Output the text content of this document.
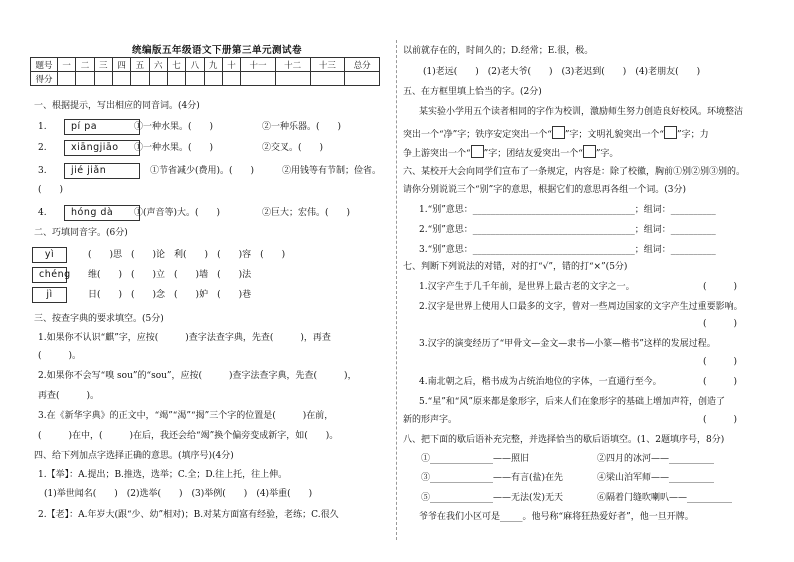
统编版五年级语文下册第三单元测试卷
题号	一	二	三	四	五	六	七	八	九	十	十一	十二	十三	总分
得分														
一、根据提示，写出相应的同音词。(4分)
1.	pí pa	①一种水果。(　　)	②一种乐器。(　　)
2.	xiāngjiāo	①一种水果。(　　)	②交叉。(　　)
3.	jié jiǎn	①节省减少(费用)。(　　)	②用钱等有节制；俭省。
(　　)
4.	hóng dà	①(声音等)大。(　　)	②巨大；宏伟。(　　)
二、巧填同音字。(6分)
yì	(　　)思　(　　)论　利(　　)　(　　)容　(　　)
chéng 维(　　)　(　　)立　(　　)墙　(　　)法
jì	日(　　)　(　　)念　(　　)妒　(　　)巷
三、按查字典的要求填空。(5分)
1.如果你不认识“麒”字，应按(　　　)查字法查字典，先查(　　　)，再查
(　　　)。
2.如果你不会写“嗅 sou”的“sou”，应按(　　　)查字法查字典，先查(　　　)，
再查(　　　)。
3.在《新华字典》的正文中，“竭”“渴”“揭”三个字的位置是(　　　)在前，
(　　　)在中，(　　　)在后，我还会给“竭”换个偏旁变成新字，如(　　)。
四、给下列加点字选择正确的意思。(填序号)(4分)
1.【举】：A.提出；B.推选，选举；C.全；D.往上托，往上伸。
(1)举世闻名(　　)　(2)选举(　　)　(3)举例(　　)　(4)举重(　　)
2.【老】：A.年岁大(跟“少、幼”相对)；B.对某方面富有经验，老练；C.很久
以前就存在的，时间久的；D.经常；E.很，极。
(1)老远(　　)　(2)老大爷(　　)　(3)老迟到(　　)　(4)老朋友(　　)
五、在方框里填上恰当的字。(2分)
某实验小学用五个读者相同的字作为校训，激励师生努力创造良好校风。环境整洁
突出一个“净”字；铁序安定突出一个“ ”字；文明礼貌突出一个“ ”字；力
争上游突出一个“ ”字；团结友爱突出一个“ ”字。
六、某校开大会向同学们宣布了一条规定，内容是：除了校徽，胸前①别②别③别的。
请你分别说说三个“别”字的意思，根据它们的意思再各组一个词。(3分)
1.“别”意思：____________________________________；组词：__________
2.“别”意思：____________________________________；组词：__________
3.“别”意思：____________________________________；组词：__________
七、判断下列说法的对错，对的打“√”，错的打“×”(5分)
1.汉字产生于几千年前，是世界上最古老的文字之一。	(　　　)
2.汉字是世界上使用人口最多的文字，曾对一些周边国家的文字产生过重要影响。
(　　　)
3.汉字的演变经历了“甲骨文—金文—隶书—小篆—楷书”这样的发展过程。
(　　　)
4.南北朝之后，楷书成为占统治地位的字体，一直通行至今。	(　　　)
5.“星”和“风”原来都是象形字，后来人们在象形字的基础上增加声符，创造了
新的形声字。	(　　　)
八、把下面的歇后语补充完整，并选择恰当的歇后语填空。(1、2题填序号，8分)
①______________——照旧	②四月的冰河——__________
③______________——有言(盐)在先	④梁山泊军师——__________
⑤______________——无法(发)无天	⑥隔着门缝吹喇叭——__________
爷爷在我们小区可是_____。他号称“麻将狂热爱好者”，他一旦开牌。
